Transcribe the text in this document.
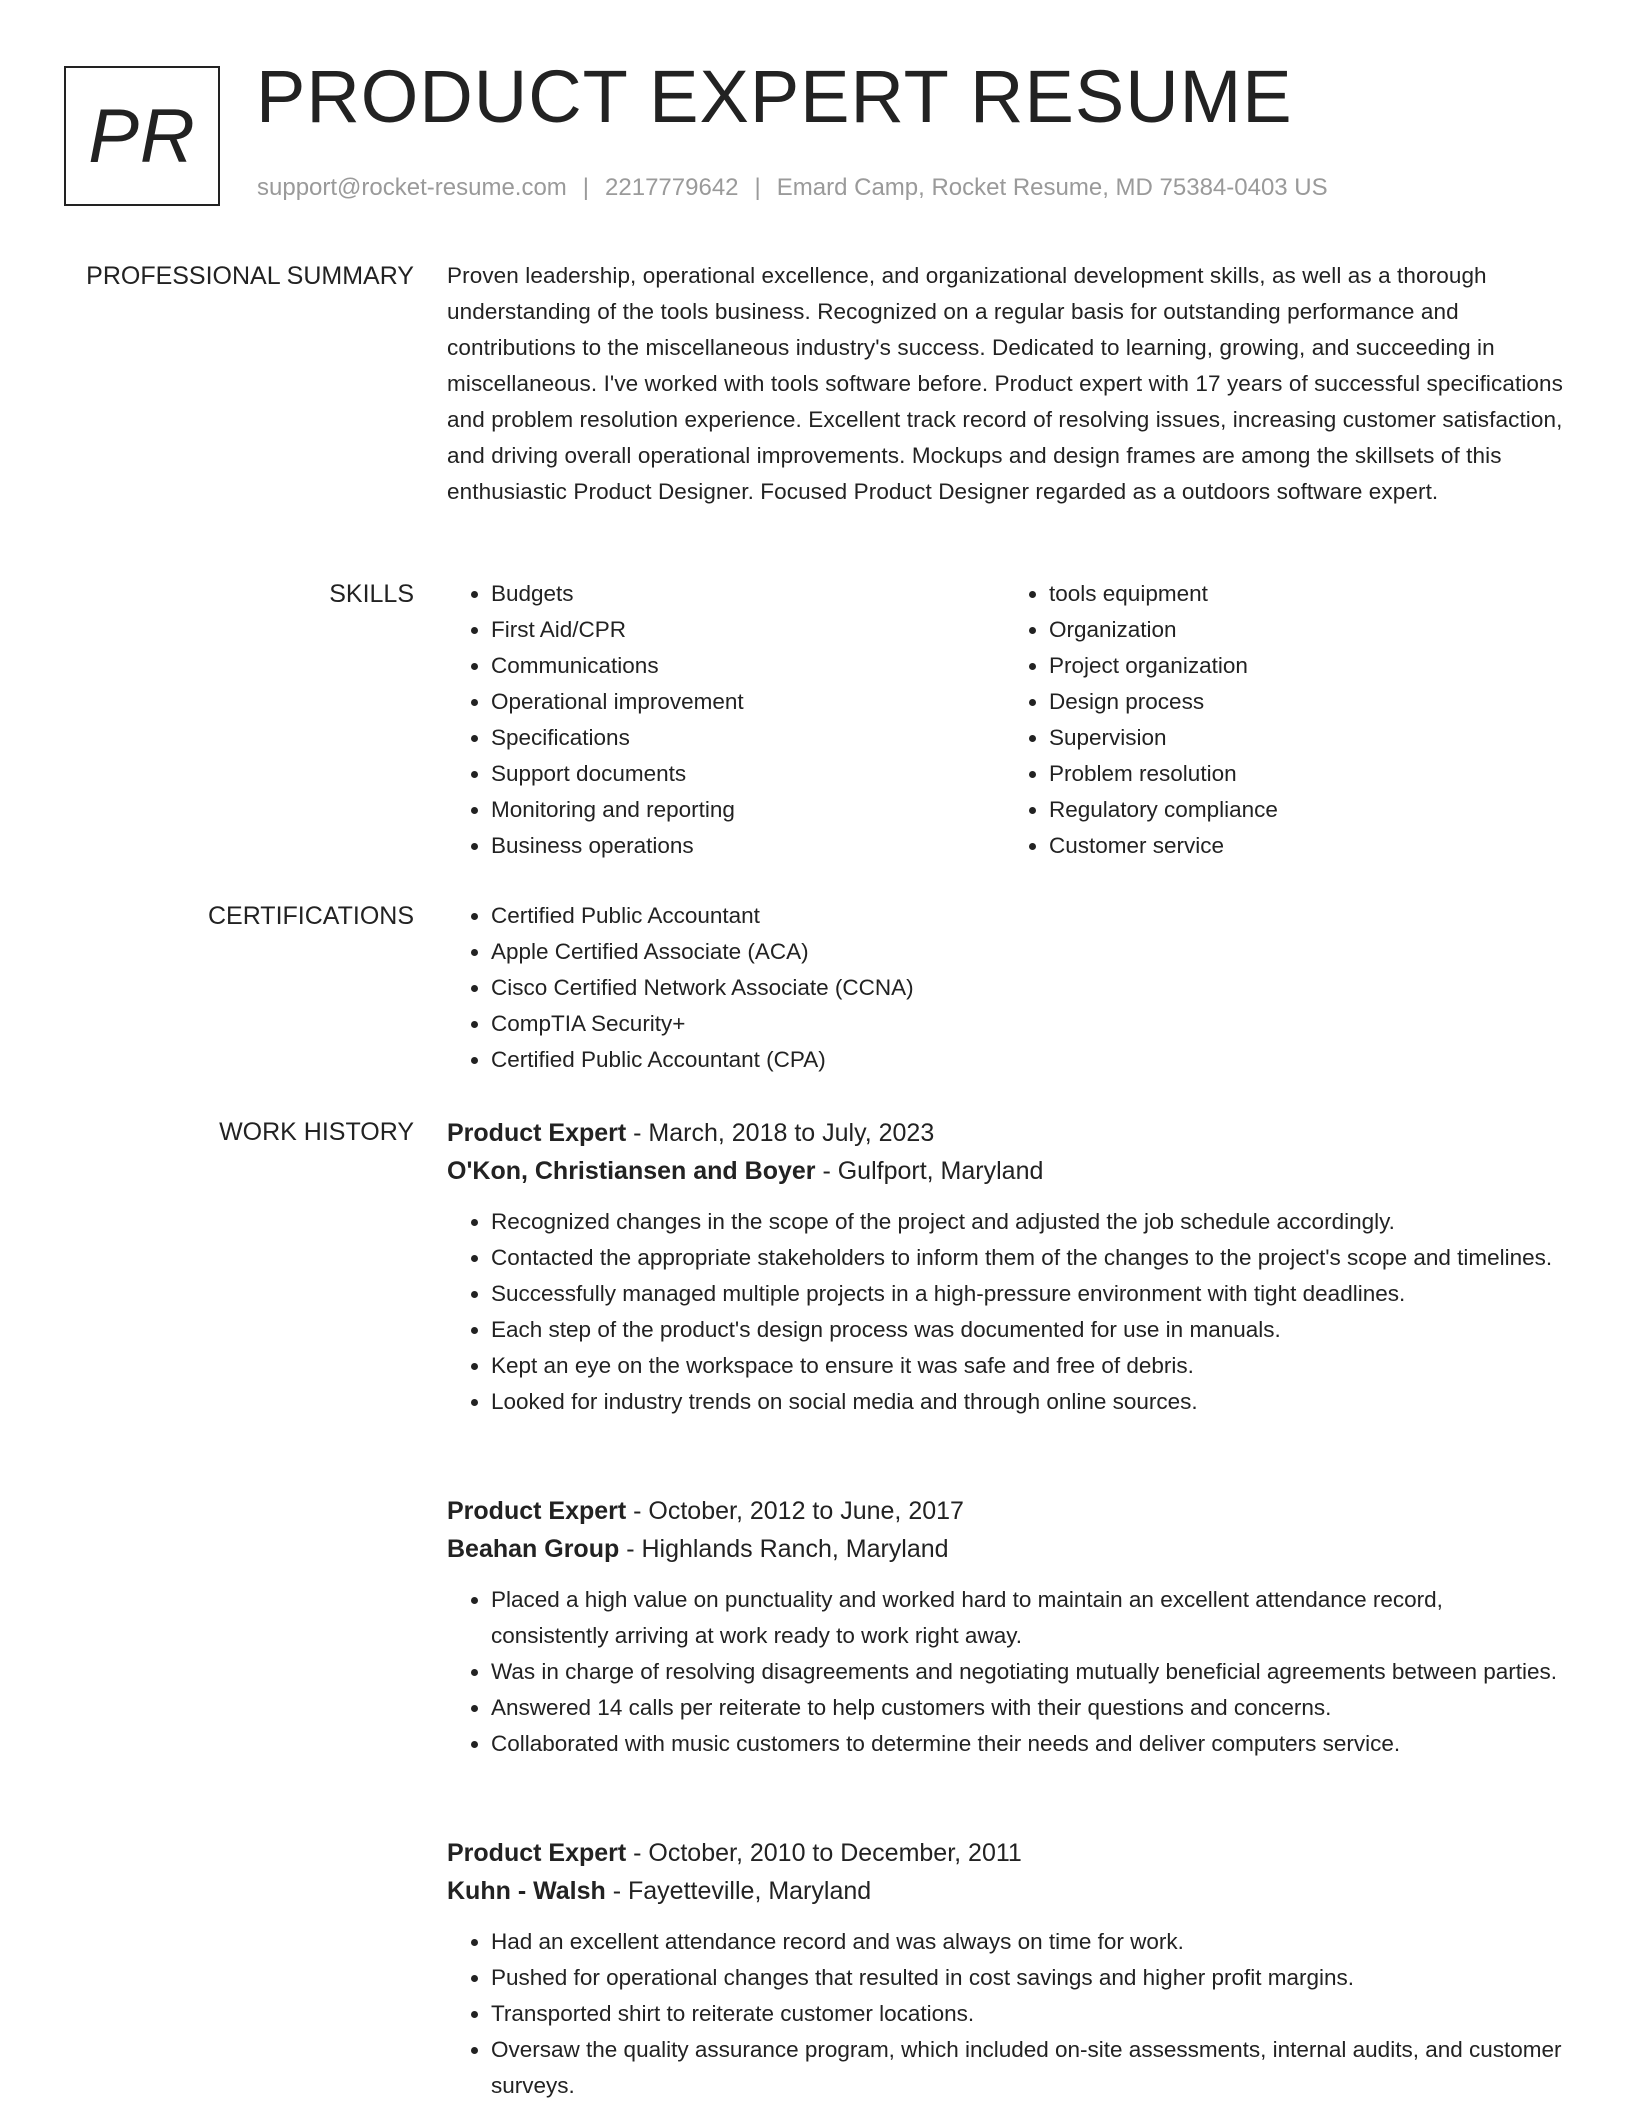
PR PRODUCT EXPERT RESUME
support@rocket-resume.com | 2217779642 | Emard Camp, Rocket Resume, MD 75384-0403 US
PROFESSIONAL SUMMARY Proven leadership, operational excellence, and organizational development skills, as well as a thorough understanding of the tools business. Recognized on a regular basis for outstanding performance and contributions to the miscellaneous industry's success. Dedicated to learning, growing, and succeeding in miscellaneous. I've worked with tools software before. Product expert with 17 years of successful specifications and problem resolution experience. Excellent track record of resolving issues, increasing customer satisfaction, and driving overall operational improvements. Mockups and design frames are among the skillsets of this enthusiastic Product Designer. Focused Product Designer regarded as a outdoors software expert.

SKILLS	• Budgets
• First Aid/CPR
• Communications
• Operational improvement
• Specifications
• Support documents
• Monitoring and reporting
• Business operations
• tools equipment
• Organization
• Project organization
• Design process
• Supervision
• Problem resolution
• Regulatory compliance
• Customer service
CERTIFICATIONS	• Certified Public Accountant
• Apple Certified Associate (ACA)
• Cisco Certified Network Associate (CCNA)
• CompTIA Security+
• Certified Public Accountant (CPA)
WORK HISTORY Product Expert - March, 2018 to July, 2023
O'Kon, Christiansen and Boyer - Gulfport, Maryland
• Recognized changes in the scope of the project and adjusted the job schedule accordingly.
• Contacted the appropriate stakeholders to inform them of the changes to the project's scope and timelines.
• Successfully managed multiple projects in a high-pressure environment with tight deadlines.
• Each step of the product's design process was documented for use in manuals.
• Kept an eye on the workspace to ensure it was safe and free of debris.
• Looked for industry trends on social media and through online sources.
Product Expert - October, 2012 to June, 2017
Beahan Group - Highlands Ranch, Maryland
• Placed a high value on punctuality and worked hard to maintain an excellent attendance record, consistently arriving at work ready to work right away.
• Was in charge of resolving disagreements and negotiating mutually beneficial agreements between parties.
• Answered 14 calls per reiterate to help customers with their questions and concerns.
• Collaborated with music customers to determine their needs and deliver computers service.
Product Expert - October, 2010 to December, 2011
Kuhn - Walsh - Fayetteville, Maryland
• Had an excellent attendance record and was always on time for work.
• Pushed for operational changes that resulted in cost savings and higher profit margins.
• Transported shirt to reiterate customer locations.
• Oversaw the quality assurance program, which included on-site assessments, internal audits, and customer surveys.
